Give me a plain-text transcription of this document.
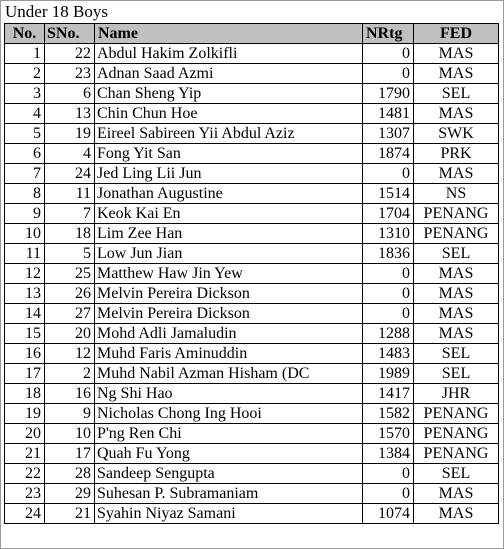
Under 18 Boys
No.	SNo.	Name	NRtg	FED
1	22	Abdul Hakim Zolkifli	0	MAS
2	23	Adnan Saad Azmi	0	MAS
3	6	Chan Sheng Yip	1790	SEL
4	13	Chin Chun Hoe	1481	MAS
5	19	Eireel Sabireen Yii Abdul Aziz	1307	SWK
6	4	Fong Yit San	1874	PRK
7	24	Jed Ling Lii Jun	0	MAS
8	11	Jonathan Augustine	1514	NS
9	7	Keok Kai En	1704	PENANG
10	18	Lim Zee Han	1310	PENANG
11	5	Low Jun Jian	1836	SEL
12	25	Matthew Haw Jin Yew	0	MAS
13	26	Melvin Pereira Dickson	0	MAS
14	27	Melvin Pereira Dickson	0	MAS
15	20	Mohd Adli Jamaludin	1288	MAS
16	12	Muhd Faris Aminuddin	1483	SEL
17	2	Muhd Nabil Azman Hisham (DC	1989	SEL
18	16	Ng Shi Hao	1417	JHR
19	9	Nicholas Chong Ing Hooi	1582	PENANG
20	10	P'ng Ren Chi	1570	PENANG
21	17	Quah Fu Yong	1384	PENANG
22	28	Sandeep Sengupta	0	SEL
23	29	Suhesan P. Subramaniam	0	MAS
24	21	Syahin Niyaz Samani	1074	MAS
